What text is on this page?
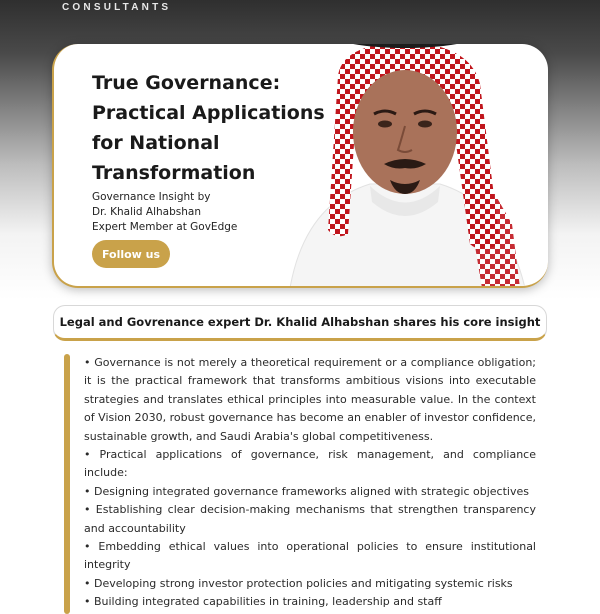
CONSULTANTS
True Governance:
Practical Applications
for National
Transformation
Governance Insight by
Dr. Khalid Alhabshan
Expert Member at GovEdge
Follow us
Legal and Govrenance expert Dr. Khalid Alhabshan shares his core insight

• Governance is not merely a theoretical requirement or a compliance obligation; it is the practical framework that transforms ambitious visions into executable strategies and translates ethical principles into measurable value. In the context of Vision 2030, robust governance has become an enabler of investor confidence, sustainable growth, and Saudi Arabia's global competitiveness.

• Practical applications of governance, risk management, and compliance include:

• Designing integrated governance frameworks aligned with strategic objectives

• Establishing clear decision-making mechanisms that strengthen transparency and accountability

• Embedding ethical values into operational policies to ensure institutional integrity

• Developing strong investor protection policies and mitigating systemic risks

• Building integrated capabilities in training, leadership and staff
